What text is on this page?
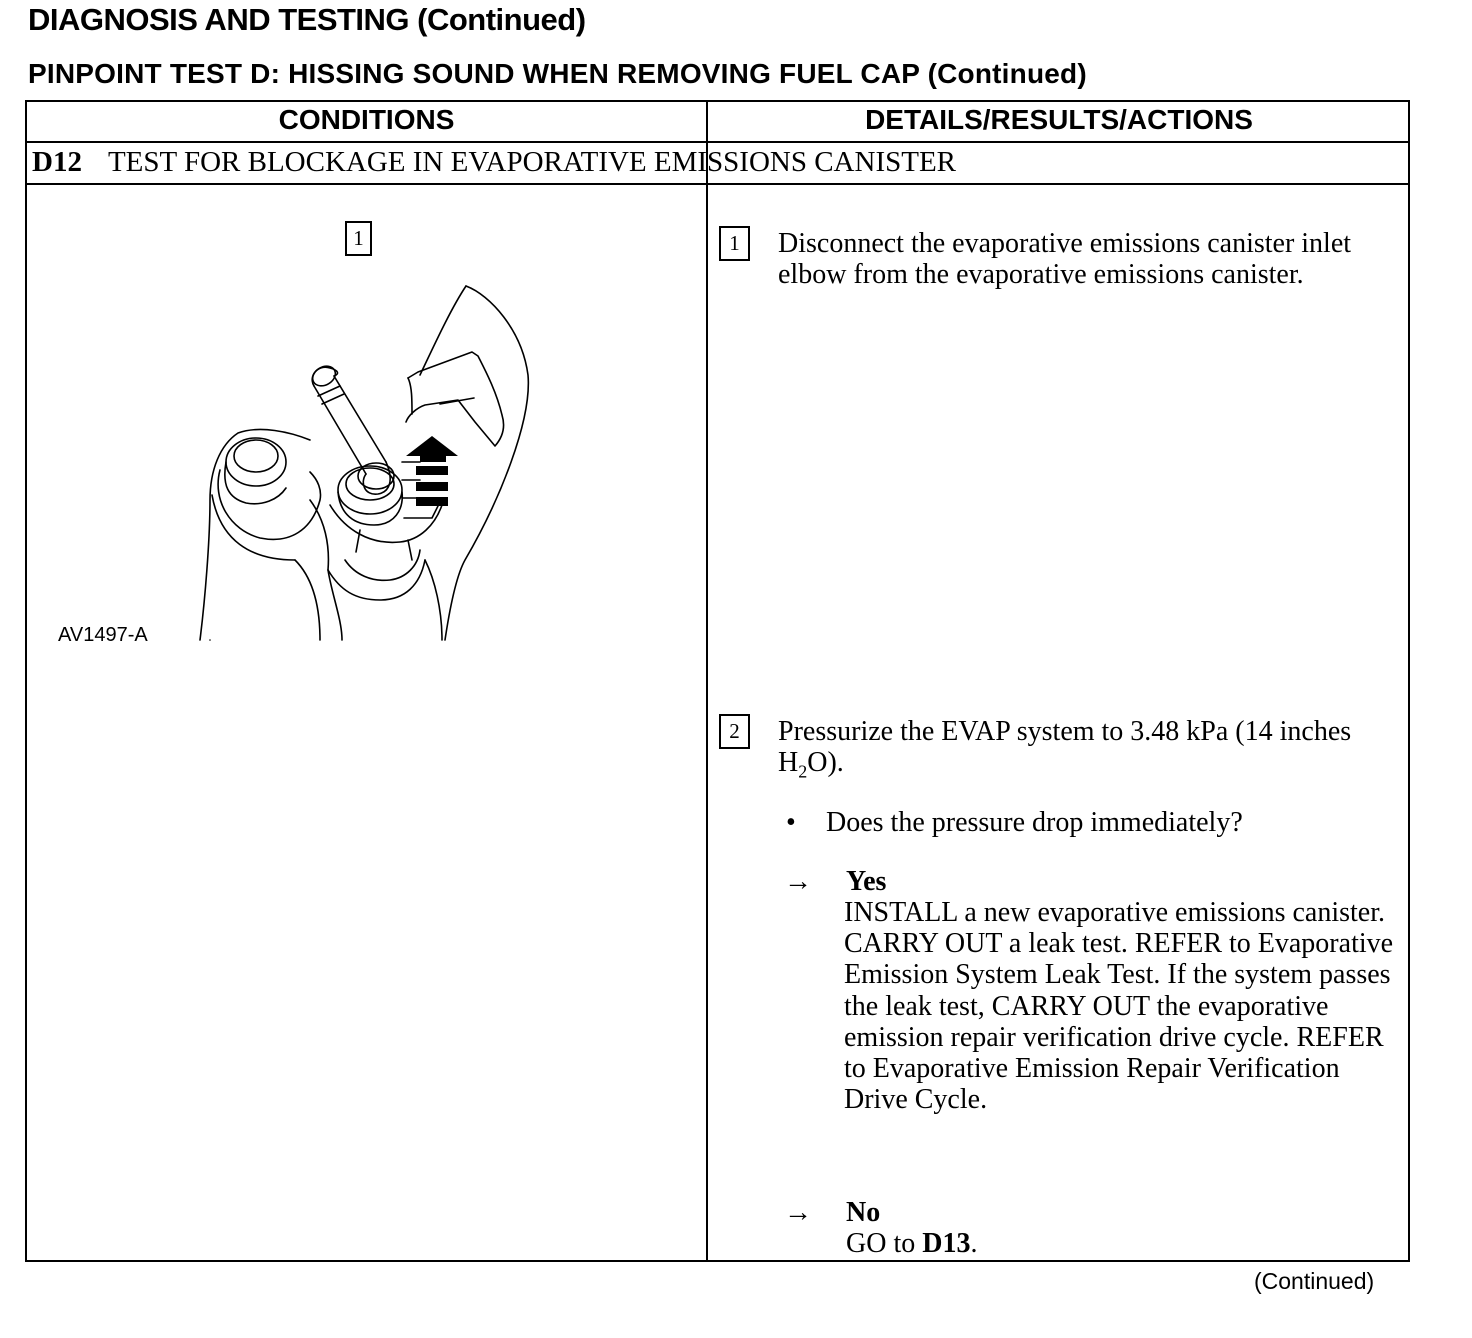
DIAGNOSIS AND TESTING (Continued)
PINPOINT TEST D: HISSING SOUND WHEN REMOVING FUEL CAP (Continued)
CONDITIONS	DETAILS/RESULTS/ACTIONS
D12 TEST FOR BLOCKAGE IN EVAPORATIVE EMISSIONS CANISTER
1
AV1497-A
1	Disconnect the evaporative emissions canister inlet elbow from the evaporative emissions canister.
2	Pressurize the EVAP system to 3.48 kPa (14 inches $H_2O$).
• Does the pressure drop immediately?
→ Yes
INSTALL a new evaporative emissions canister. CARRY OUT a leak test. REFER to Evaporative Emission System Leak Test. If the system passes the leak test, CARRY OUT the evaporative emission repair verification drive cycle. REFER to Evaporative Emission Repair Verification Drive Cycle.
→ No
GO to D13.
(Continued)
